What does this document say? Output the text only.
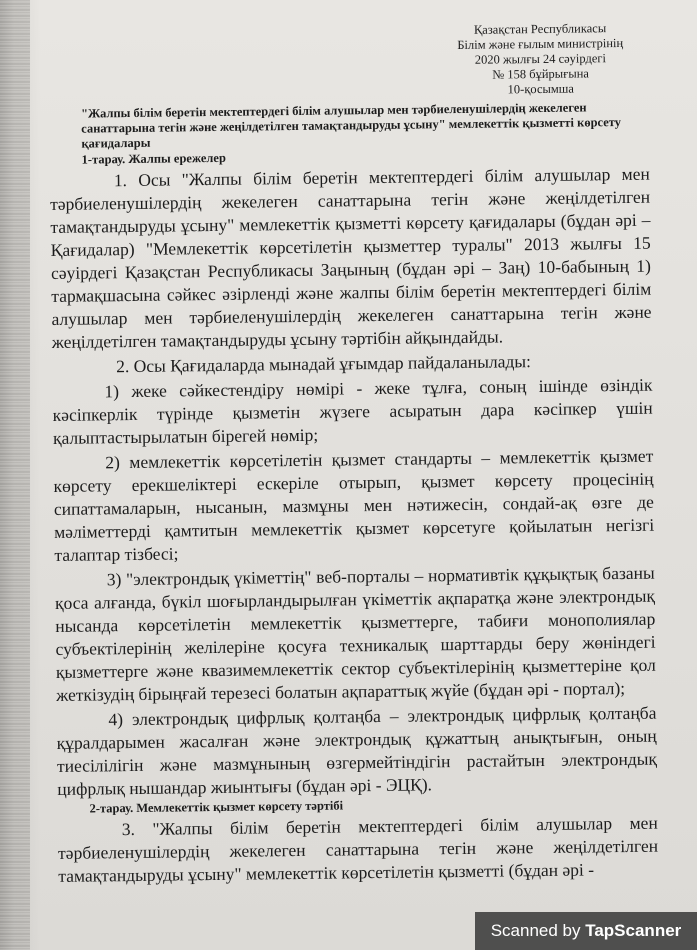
Қазақстан Республикасы
Білім және ғылым министрінің
2020 жылғы 24 сәуірдегі
№ 158 бұйрығына
10-қосымша
"Жалпы білім беретін мектептердегі білім алушылар мен тәрбиеленушілердің жекелеген санаттарына тегін және жеңілдетілген тамақтандыруды ұсыну" мемлекеттік қызметті көрсету қағидалары
1-тарау. Жалпы ережелер

1. Осы "Жалпы білім беретін мектептердегі білім алушылар мен тәрбиеленушілердің жекелеген санаттарына тегін және жеңілдетілген тамақтандыруды ұсыну" мемлекеттік қызметті көрсету қағидалары (бұдан әрі – Қағидалар) "Мемлекеттік көрсетілетін қызметтер туралы" 2013 жылғы 15 сәуірдегі Қазақстан Республикасы Заңының (бұдан әрі – Заң) 10-бабының 1) тармақшасына сәйкес әзірленді және жалпы білім беретін мектептердегі білім алушылар мен тәрбиеленушілердің жекелеген санаттарына тегін және жеңілдетілген тамақтандыруды ұсыну тәртібін айқындайды.

2. Осы Қағидаларда мынадай ұғымдар пайдаланылады:

1) жеке сәйкестендіру нөмірі - жеке тұлға, соның ішінде өзіндік кәсіпкерлік түрінде қызметін жүзеге асыратын дара кәсіпкер үшін қалыптастырылатын бірегей нөмір;

2) мемлекеттік көрсетілетін қызмет стандарты – мемлекеттік қызмет көрсету ерекшеліктері ескеріле отырып, қызмет көрсету процесінің сипаттамаларын, нысанын, мазмұны мен нәтижесін, сондай-ақ өзге де мәліметтерді қамтитын мемлекеттік қызмет көрсетуге қойылатын негізгі талаптар тізбесі;

3) "электрондық үкіметтің" веб-порталы – нормативтік құқықтық базаны қоса алғанда, бүкіл шоғырландырылған үкіметтік ақпаратқа және электрондық нысанда көрсетілетін мемлекеттік қызметтерге, табиғи монополиялар субъектілерінің желілеріне қосуға техникалық шарттарды беру жөніндегі қызметтерге және квазимемлекеттік сектор субъектілерінің қызметтеріне қол жеткізудің бірыңғай терезесі болатын ақпараттық жүйе (бұдан әрі - портал);

4) электрондық цифрлық қолтаңба – электрондық цифрлық қолтаңба құралдарымен жасалған және электрондық құжаттың анықтығын, оның тиесілілігін және мазмұнының өзгермейтіндігін растайтын электрондық цифрлық нышандар жиынтығы (бұдан әрі - ЭЦҚ).

2-тарау. Мемлекеттік қызмет көрсету тәртібі

3. "Жалпы білім беретін мектептердегі білім алушылар мен тәрбиеленушілердің жекелеген санаттарына тегін және жеңілдетілген тамақтандыруды ұсыну" мемлекеттік көрсетілетін қызметті (бұдан әрі -

Scanned by TapScanner
